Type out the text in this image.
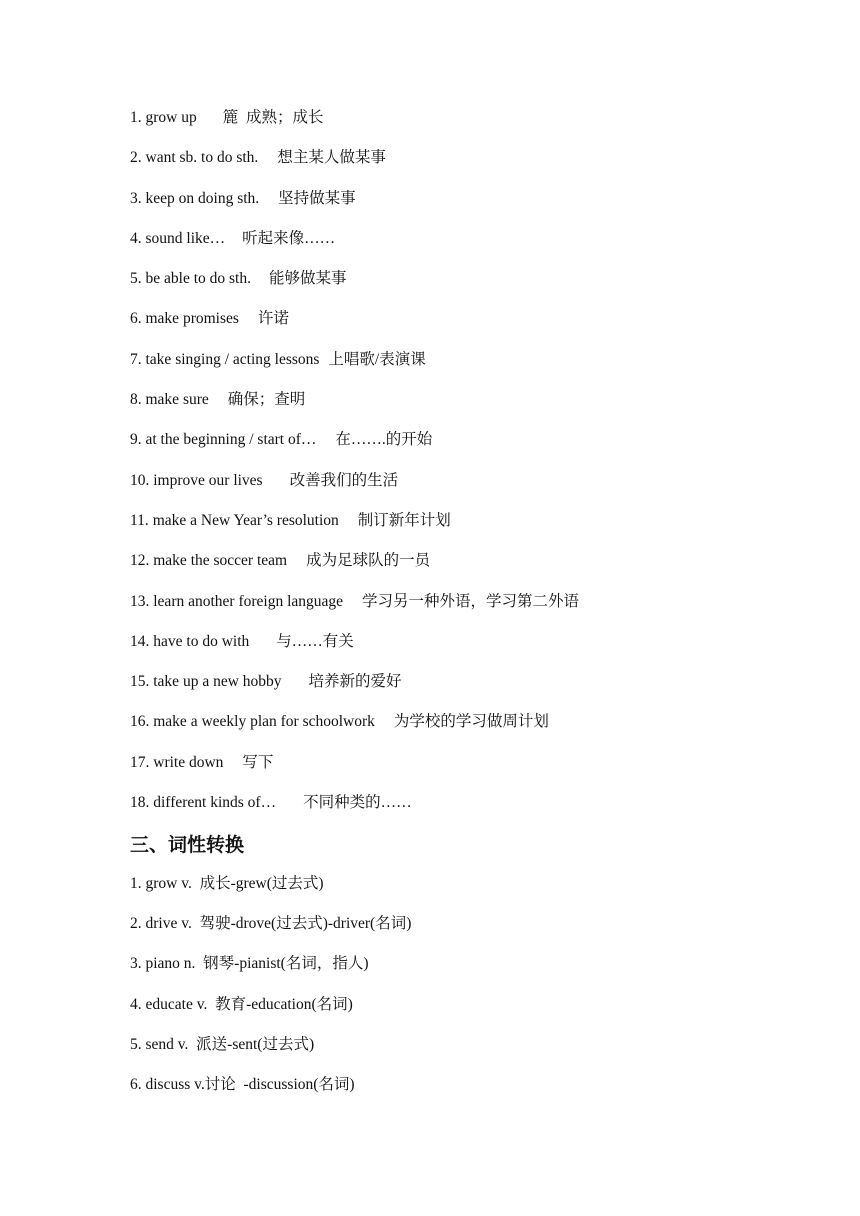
1. grow up 簏  成熟；成长
2. want sb. to do sth. 想主某人做某事
3. keep on doing sth. 坚持做某事
4. sound like… 听起来像……
5. be able to do sth. 能够做某事
6. make promises 许诺
7. take singing / acting lessons 上唱歌/表演课
8. make sure 确保；查明
9. at the beginning / start of… 在…….的开始
10. improve our lives 改善我们的生活
11. make a New Year’s resolution 制订新年计划
12. make the soccer team 成为足球队的一员
13. learn another foreign language 学习另一种外语，学习第二外语
14. have to do with 与……有关
15. take up a new hobby 培养新的爱好
16. make a weekly plan for schoolwork 为学校的学习做周计划
17. write down 写下
18. different kinds of… 不同种类的……
三、词性转换
1. grow v.  成长-grew(过去式)
2. drive v.  驾驶-drove(过去式)-driver(名词)
3. piano n.  钢琴-pianist(名词，指人)
4. educate v.  教育-education(名词)
5. send v.  派送-sent(过去式)
6. discuss v.讨论  -discussion(名词)
